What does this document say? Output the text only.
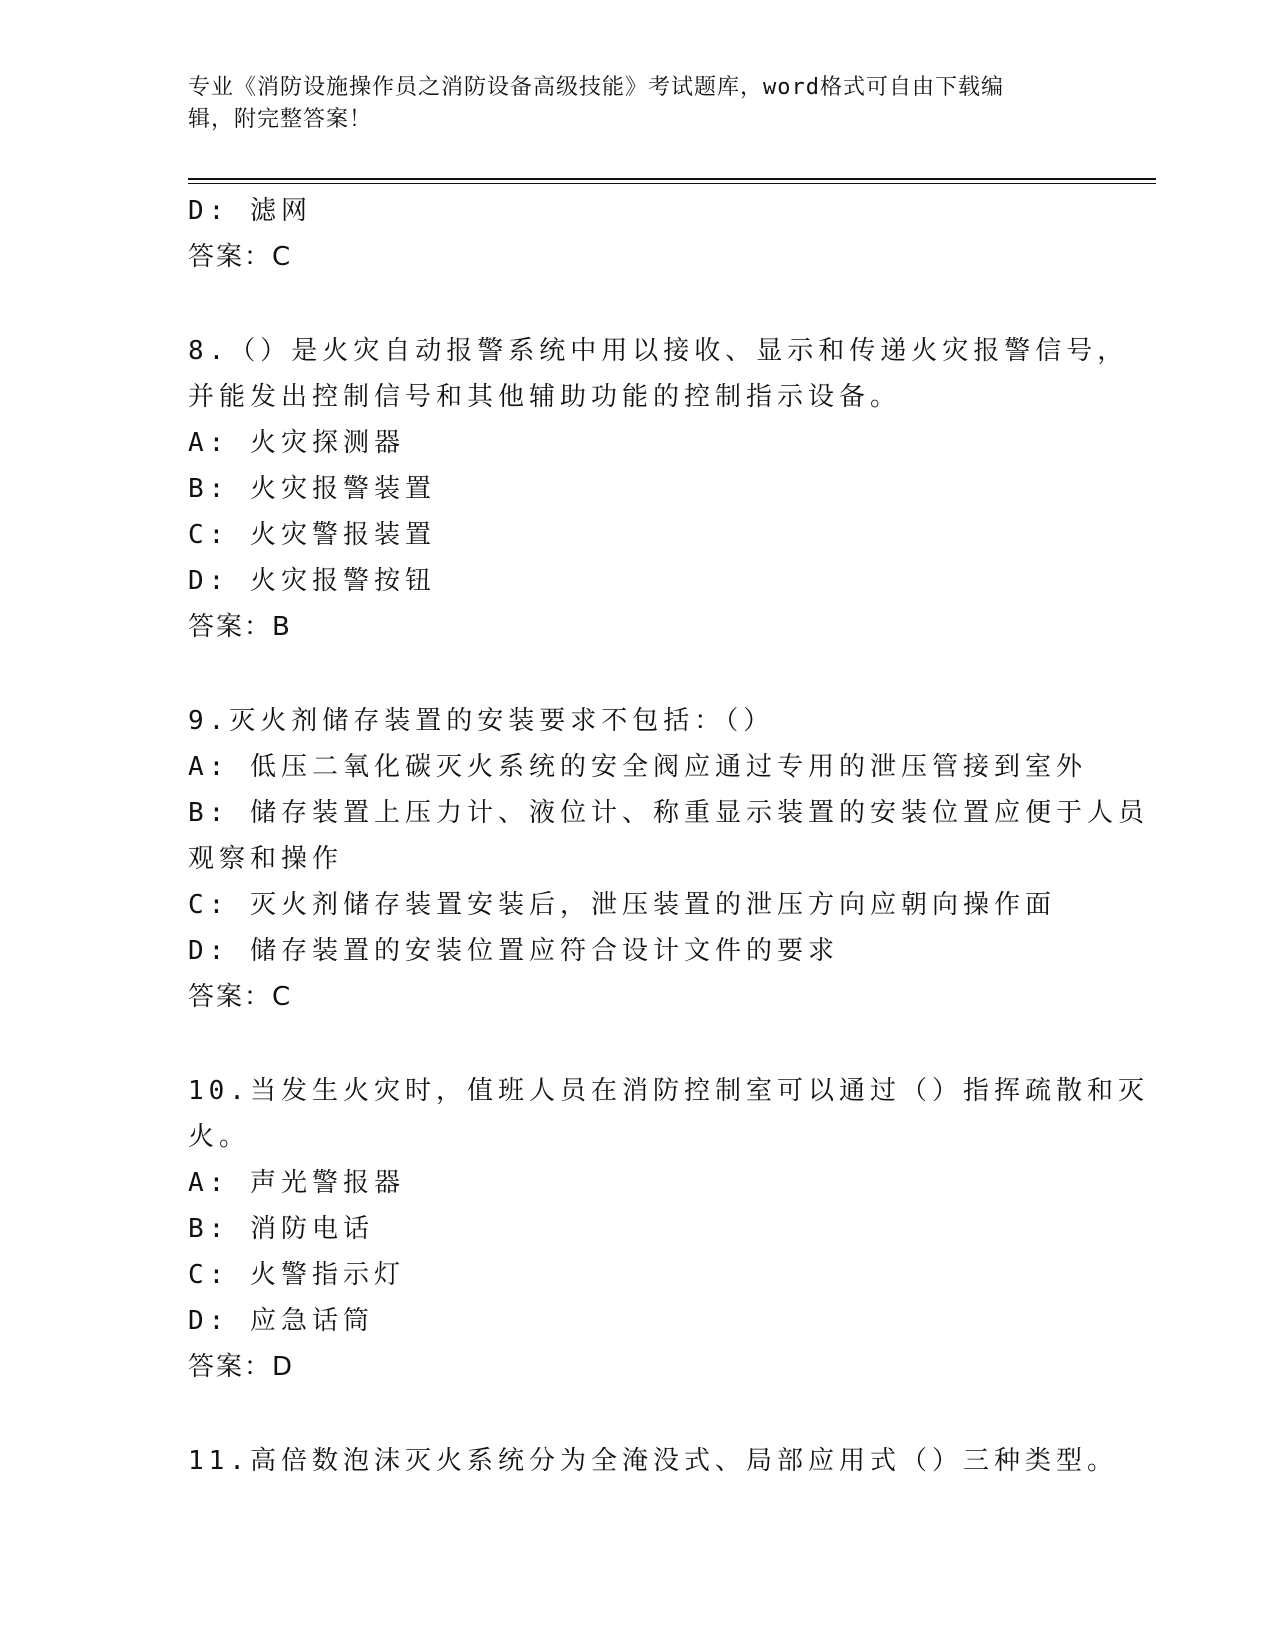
专业《消防设施操作员之消防设备高级技能》考试题库，word格式可自由下载编
辑，附完整答案！
D: 滤网
答案：C
8.（）是火灾自动报警系统中用以接收、显示和传递火灾报警信号，
并能发出控制信号和其他辅助功能的控制指示设备。
A: 火灾探测器
B: 火灾报警装置
C: 火灾警报装置
D: 火灾报警按钮
答案：B
9.灭火剂储存装置的安装要求不包括：（）
A: 低压二氧化碳灭火系统的安全阀应通过专用的泄压管接到室外
B: 储存装置上压力计、液位计、称重显示装置的安装位置应便于人员
观察和操作
C: 灭火剂储存装置安装后，泄压装置的泄压方向应朝向操作面
D: 储存装置的安装位置应符合设计文件的要求
答案：C
10.当发生火灾时，值班人员在消防控制室可以通过（）指挥疏散和灭
火。
A: 声光警报器
B: 消防电话
C: 火警指示灯
D: 应急话筒
答案：D
11.高倍数泡沫灭火系统分为全淹没式、局部应用式（）三种类型。
